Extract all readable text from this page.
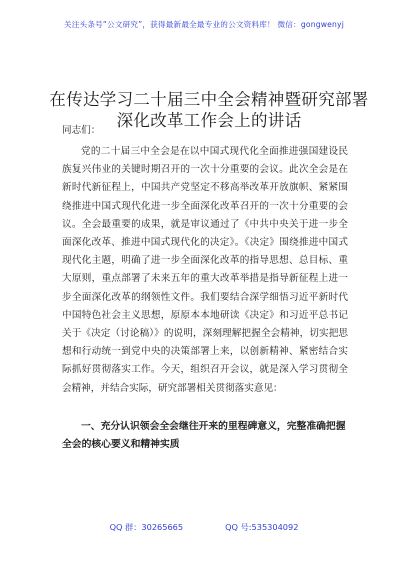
关注头条号“公文研究”，获得最新最全最专业的公文资料库！ 微信：gongwenyj
在传达学习二十届三中全会精神暨研究部署深化改革工作会上的讲话
同志们：

党的二十届三中全会是在以中国式现代化全面推进强国建设民族复兴伟业的关键时期召开的一次十分重要的会议。此次全会是在新时代新征程上，中国共产党坚定不移高举改革开放旗帜、紧紧围绕推进中国式现代化进一步全面深化改革召开的一次十分重要的会议。全会最重要的成果，就是审议通过了《中共中央关于进一步全面深化改革、推进中国式现代化的决定》。《决定》围绕推进中国式现代化主题，明确了进一步全面深化改革的指导思想、总目标、重大原则，重点部署了未来五年的重大改革举措是指导新征程上进一步全面深化改革的纲领性文件。我们要结合深学细悟习近平新时代中国特色社会主义思想，原原本本地研读《决定》和习近平总书记关于《决定（讨论稿）》的说明，深刻理解把握全会精神，切实把思想和行动统一到党中央的决策部署上来，以创新精神、紧密结合实际抓好贯彻落实工作。今天，组织召开会议，就是深入学习贯彻全会精神，并结合实际，研究部署相关贯彻落实意见：

一、充分认识领会全会继往开来的里程碑意义，完整准确把握全会的核心要义和精神实质

QQ 群：30265665	QQ 号:535304092
